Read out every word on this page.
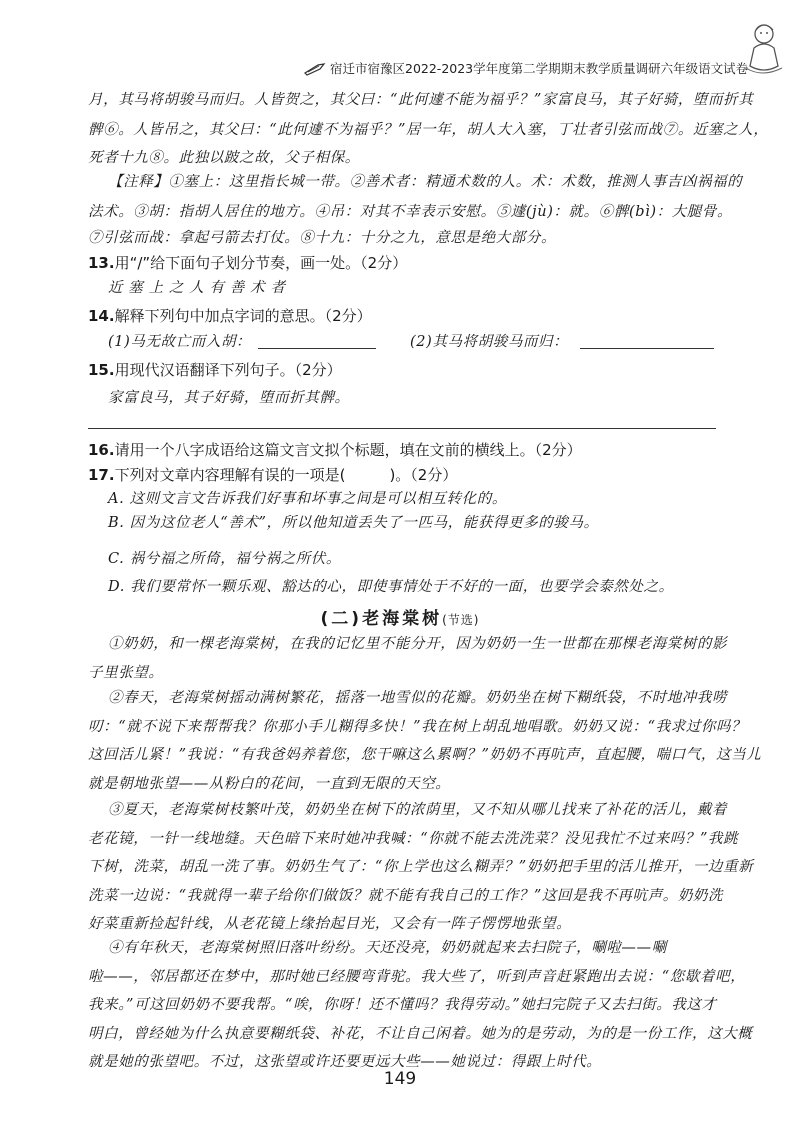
宿迁市宿豫区2022-2023学年度第二学期期末教学质量调研六年级语文试卷
月，其马将胡骏马而归。人皆贺之，其父曰：“此何遽不能为福乎？”家富良马，其子好骑，堕而折其
髀⑥。人皆吊之，其父曰：“此何遽不为福乎？”居一年，胡人大入塞，丁壮者引弦而战⑦。近塞之人，
死者十九⑧。此独以跛之故，父子相保。
【注释】①塞上：这里指长城一带。②善术者：精通术数的人。术：术数，推测人事吉凶祸福的
法术。③胡：指胡人居住的地方。④吊：对其不幸表示安慰。⑤遽(jù)：就。⑥髀(bì)：大腿骨。
⑦引弦而战：拿起弓箭去打仗。⑧十九：十分之九，意思是绝大部分。
13.用“/”给下面句子划分节奏，画一处。（2分）
近 塞 上 之 人 有 善 术 者
14.解释下列句中加点字词的意思。（2分）
(1)马无故亡而入胡：	(2)其马将胡骏马而归：
15.用现代汉语翻译下列句子。（2分）
家富良马，其子好骑，堕而折其髀。
16.请用一个八字成语给这篇文言文拟个标题，填在文前的横线上。（2分）
17.下列对文章内容理解有误的一项是(	)。（2分）
A. 这则文言文告诉我们好事和坏事之间是可以相互转化的。
B. 因为这位老人“善术”，所以他知道丢失了一匹马，能获得更多的骏马。
(二)老海棠树(节选)
C. 祸兮福之所倚，福兮祸之所伏。
①奶奶，和一棵老海棠树，在我的记忆里不能分开，因为奶奶一生一世都在那棵老海棠树的影
子里张望。
②春天，老海棠树摇动满树繁花，摇落一地雪似的花瓣。奶奶坐在树下糊纸袋，不时地冲我唠
叨：“就不说下来帮帮我？你那小手儿糊得多快！”我在树上胡乱地唱歌。奶奶又说：“我求过你吗？
这回活儿紧！”我说：“有我爸妈养着您，您干嘛这么累啊？”奶奶不再吭声，直起腰，喘口气，这当儿
就是朝地张望——从粉白的花间，一直到无限的天空。
③夏天，老海棠树枝繁叶茂，奶奶坐在树下的浓荫里，又不知从哪儿找来了补花的活儿，戴着
老花镜，一针一线地缝。天色暗下来时她冲我喊：“你就不能去洗洗菜？没见我忙不过来吗？”我跳
下树，洗菜，胡乱一洗了事。奶奶生气了：“你上学也这么糊弄？”奶奶把手里的活儿推开，一边重新
洗菜一边说：“我就得一辈子给你们做饭？就不能有我自己的工作？”这回是我不再吭声。奶奶洗
好菜重新捡起针线，从老花镜上缘抬起目光，又会有一阵子愣愣地张望。
④有年秋天，老海棠树照旧落叶纷纷。天还没亮，奶奶就起来去扫院子，唰啦——唰
啦——，邻居都还在梦中，那时她已经腰弯背驼。我大些了，听到声音赶紧跑出去说：“您歇着吧，
我来。”可这回奶奶不要我帮。“唉，你呀！还不懂吗？我得劳动。”她扫完院子又去扫街。我这才
明白，曾经她为什么执意要糊纸袋、补花，不让自己闲着。她为的是劳动，为的是一份工作，这大概
就是她的张望吧。不过，这张望或许还要更远大些——她说过：得跟上时代。
149
D. 我们要常怀一颗乐观、豁达的心，即使事情处于不好的一面，也要学会泰然处之。
